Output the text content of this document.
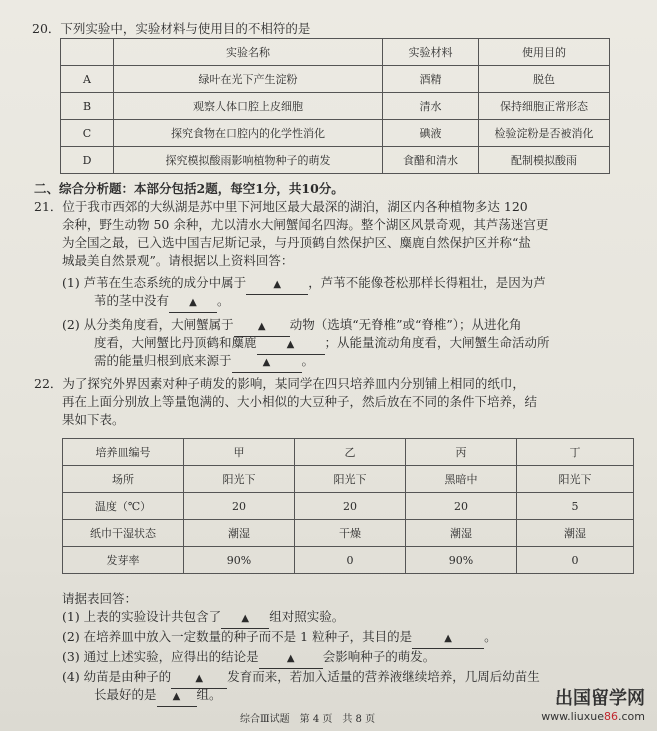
20．下列实验中，实验材料与使用目的不相符的是
	实验名称	实验材料	使用目的
A	绿叶在光下产生淀粉	酒精	脱色
B	观察人体口腔上皮细胞	清水	保持细胞正常形态
C	探究食物在口腔内的化学性消化	碘液	检验淀粉是否被消化
D	探究模拟酸雨影响植物种子的萌发	食醋和清水	配制模拟酸雨
二、综合分析题：本部分包括2题，每空1分，共10分。
21．位于我市西郊的大纵湖是苏中里下河地区最大最深的湖泊，湖区内各种植物多达 120
余种，野生动物 50 余种，尤以清水大闸蟹闻名四海。整个湖区风景奇观，其芦荡迷宫更
为全国之最，已入选中国吉尼斯记录，与丹顶鹤自然保护区、麋鹿自然保护区并称“盐
城最美自然景观”。请根据以上资料回答：
(1) 芦苇在生态系统的成分中属于	▲ ，芦苇不能像苍松那样长得粗壮，是因为芦
苇的茎中没有 ▲ 。
(2) 从分类角度看，大闸蟹属于 ▲ 动物（选填“无脊椎”或“脊椎”）；从进化角
度看，大闸蟹比丹顶鹤和麋鹿	▲ ；从能量流动角度看，大闸蟹生命活动所
需的能量归根到底来源于	▲ 。
22．为了探究外界因素对种子萌发的影响，某同学在四只培养皿内分别铺上相同的纸巾，
再在上面分别放上等量饱满的、大小相似的大豆种子，然后放在不同的条件下培养，结
果如下表。
培养皿编号	甲	乙	丙	丁
场所	阳光下	阳光下	黑暗中	阳光下
温度（℃）	20	20	20	5
纸巾干湿状态	潮湿	干燥	潮湿	潮湿
发芽率	90%	0	90%	0
请据表回答：
(1) 上表的实验设计共包含了 ▲ 组对照实验。
(2) 在培养皿中放入一定数量的种子而不是 1 粒种子，其目的是	▲	。
(3) 通过上述实验，应得出的结论是	▲ 会影响种子的萌发。
(4) 幼苗是由种子的 ▲ 发育而来，若加入适量的营养液继续培养，几周后幼苗生
长最好的是 ▲ 组。
综合Ⅲ试题　第 4 页　共 8 页
出国留学网
www.liuxue86.com
